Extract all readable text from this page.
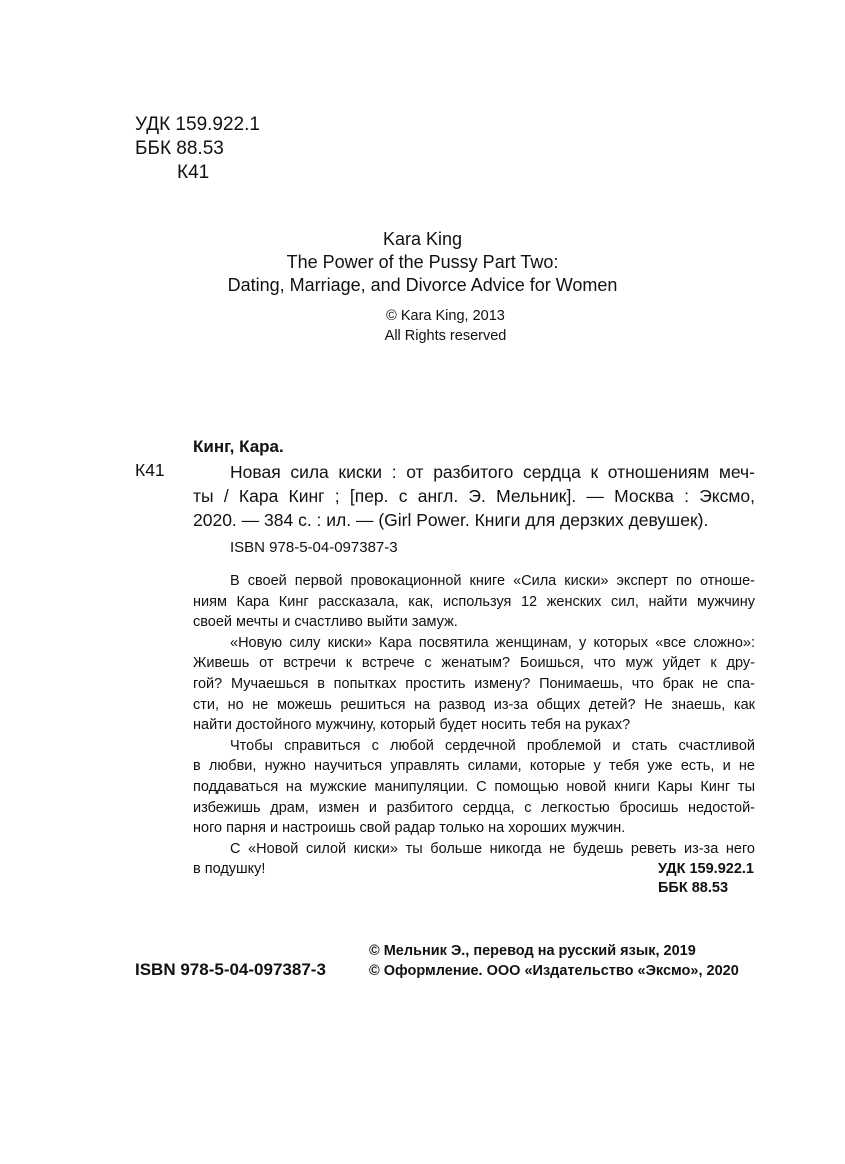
УДК 159.922.1
ББК 88.53
К41
Kara King
The Power of the Pussy Part Two:
Dating, Marriage, and Divorce Advice for Women
© Kara King, 2013
All Rights reserved
Кинг, Кара.
К41	Новая сила киски : от разбитого сердца к отношениям меч-
ты / Кара Кинг ; [пер. с англ. Э. Мельник]. — Москва : Эксмо,
2020. — 384 с. : ил. — (Girl Power. Книги для дерзких девушек).
ISBN 978-5-04-097387-3
В своей первой провокационной книге «Сила киски» эксперт по отноше-
ниям Кара Кинг рассказала, как, используя 12 женских сил, найти мужчину
своей мечты и счастливо выйти замуж.
«Новую силу киски» Кара посвятила женщинам, у которых «все сложно»:
Живешь от встречи к встрече с женатым? Боишься, что муж уйдет к дру-
гой? Мучаешься в попытках простить измену? Понимаешь, что брак не спа-
сти, но не можешь решиться на развод из-за общих детей? Не знаешь, как
найти достойного мужчину, который будет носить тебя на руках?
Чтобы справиться с любой сердечной проблемой и стать счастливой
в любви, нужно научиться управлять силами, которые у тебя уже есть, и не
поддаваться на мужские манипуляции. С помощью новой книги Кары Кинг ты
избежишь драм, измен и разбитого сердца, с легкостью бросишь недостой-
ного парня и настроишь свой радар только на хороших мужчин.
С «Новой силой киски» ты больше никогда не будешь реветь из-за него
в подушку!	УДК 159.922.1
ББК 88.53
© Мельник Э., перевод на русский язык, 2019
© Оформление. ООО «Издательство «Эксмо», 2020
ISBN 978-5-04-097387-3
